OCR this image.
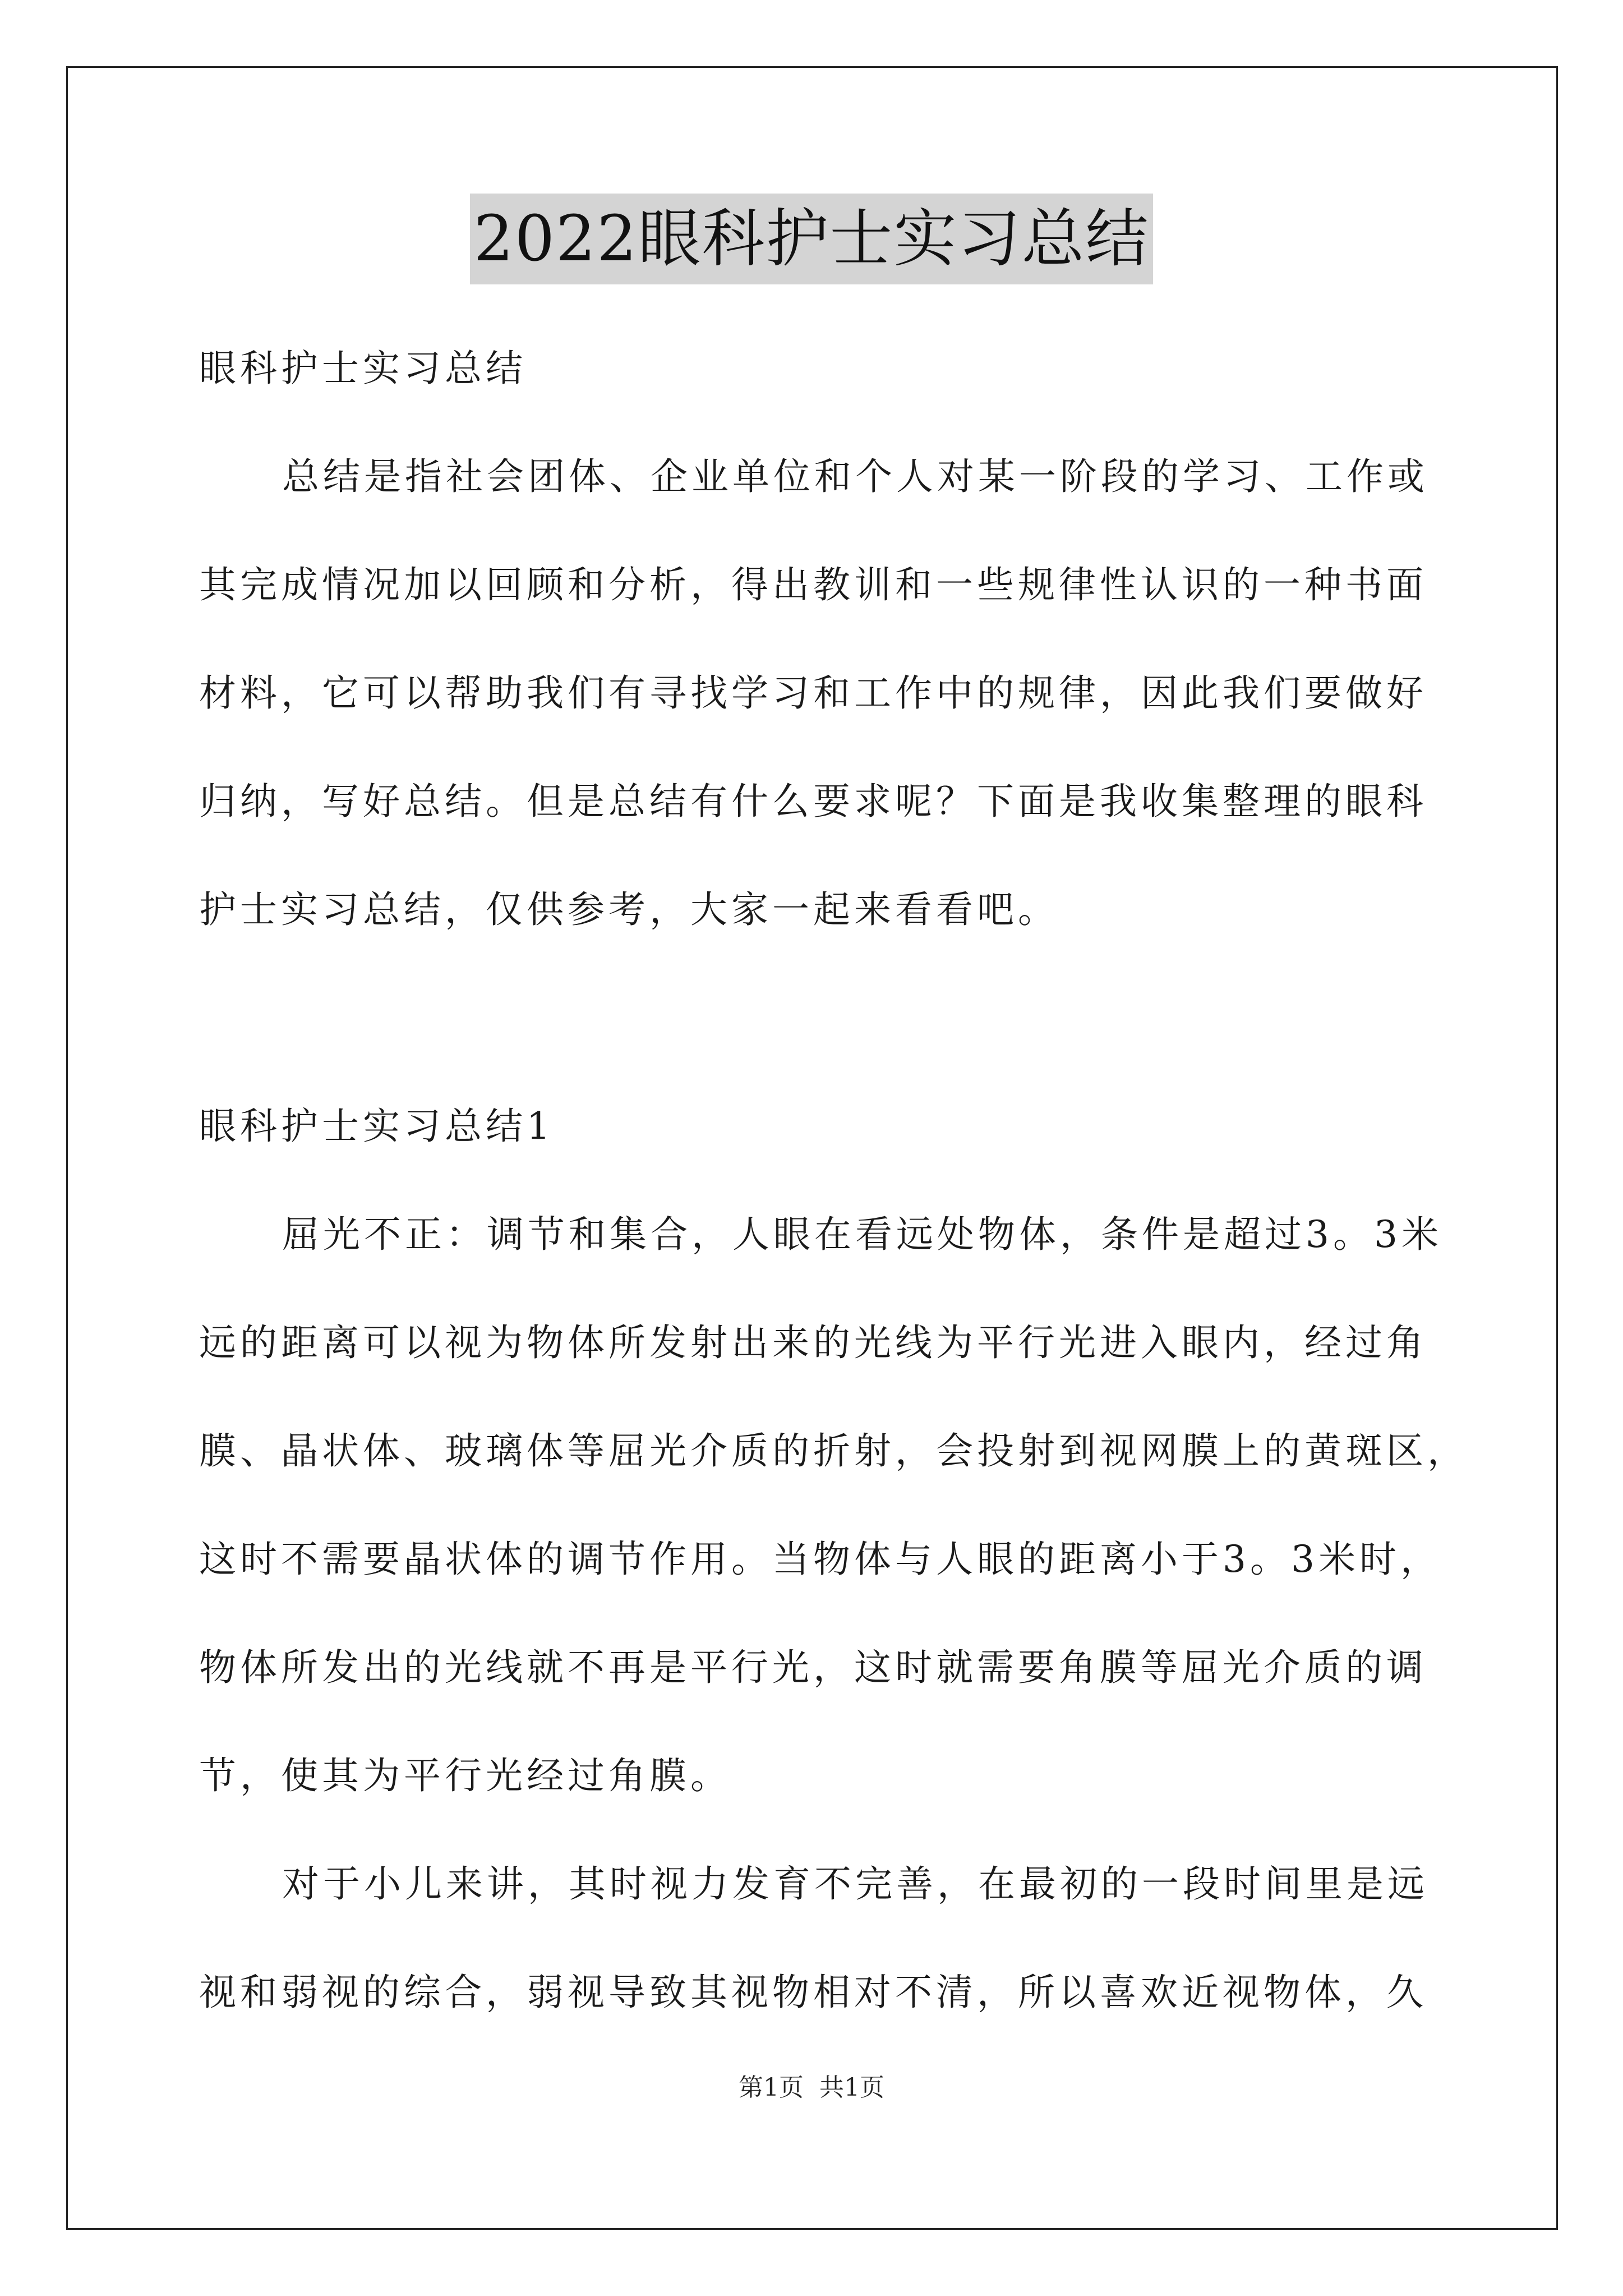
2022眼科护士实习总结
眼科护士实习总结
总结是指社会团体、企业单位和个人对某一阶段的学习、工作或
其完成情况加以回顾和分析，得出教训和一些规律性认识的一种书面
材料，它可以帮助我们有寻找学习和工作中的规律，因此我们要做好
归纳，写好总结。但是总结有什么要求呢？下面是我收集整理的眼科
护士实习总结，仅供参考，大家一起来看看吧。
眼科护士实习总结1
屈光不正：调节和集合，人眼在看远处物体，条件是超过3。3米
远的距离可以视为物体所发射出来的光线为平行光进入眼内，经过角
膜、晶状体、玻璃体等屈光介质的折射，会投射到视网膜上的黄斑区，
这时不需要晶状体的调节作用。当物体与人眼的距离小于3。3米时，
物体所发出的光线就不再是平行光，这时就需要角膜等屈光介质的调
节，使其为平行光经过角膜。
对于小儿来讲，其时视力发育不完善，在最初的一段时间里是远
视和弱视的综合，弱视导致其视物相对不清，所以喜欢近视物体，久
第1页 共1页
